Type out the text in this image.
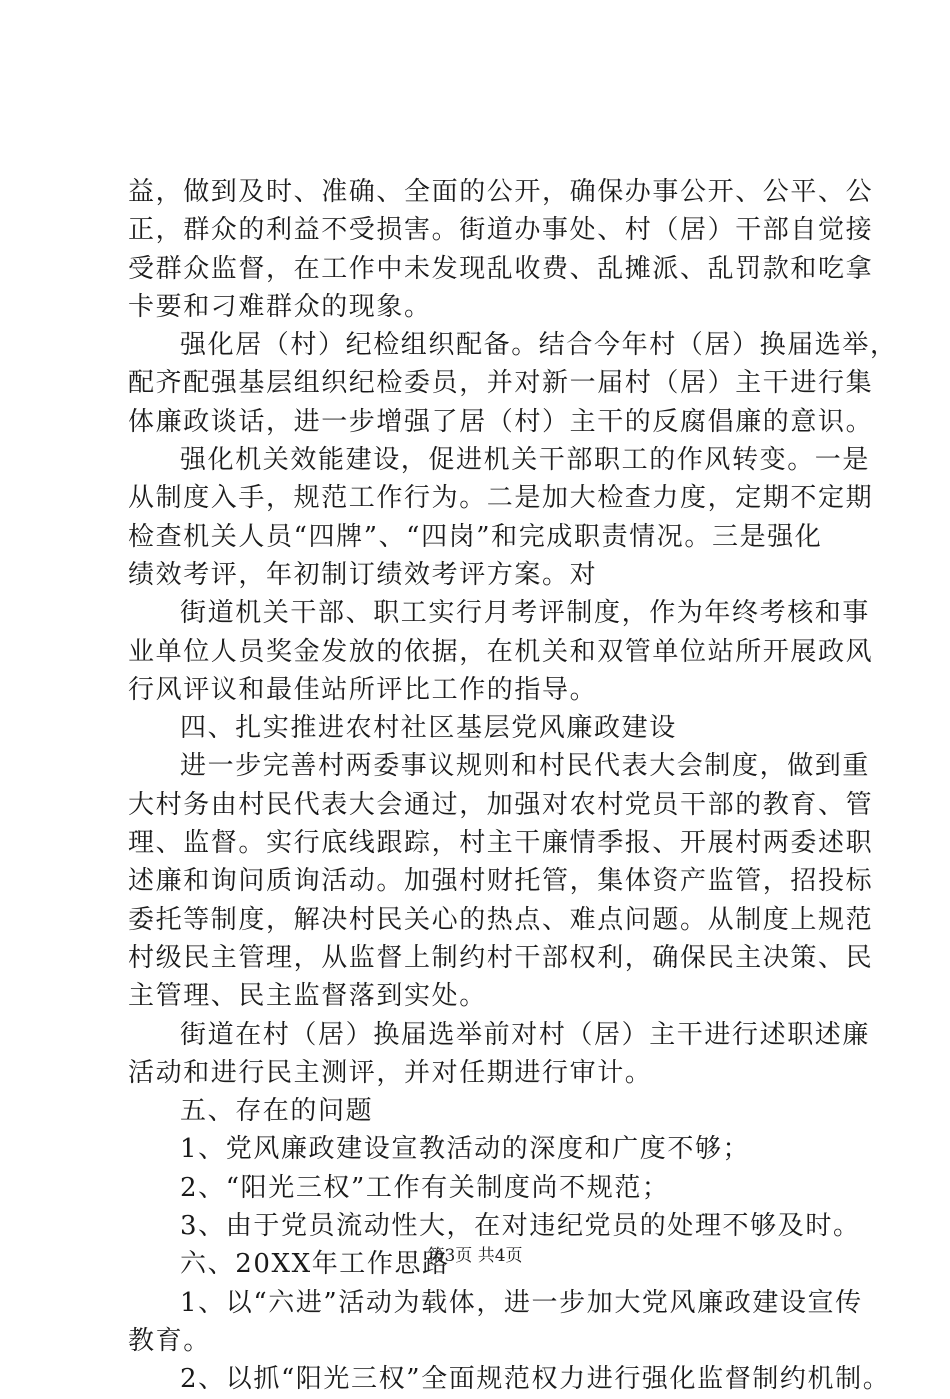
益，做到及时、准确、全面的公开，确保办事公开、公平、公
正，群众的利益不受损害。街道办事处、村（居）干部自觉接
受群众监督，在工作中未发现乱收费、乱摊派、乱罚款和吃拿
卡要和刁难群众的现象。
强化居（村）纪检组织配备。结合今年村（居）换届选举，
配齐配强基层组织纪检委员，并对新一届村（居）主干进行集
体廉政谈话，进一步增强了居（村）主干的反腐倡廉的意识。
强化机关效能建设，促进机关干部职工的作风转变。一是
从制度入手，规范工作行为。二是加大检查力度，定期不定期
检查机关人员“四牌”、“四岗”和完成职责情况。三是强化
绩效考评，年初制订绩效考评方案。对
街道机关干部、职工实行月考评制度，作为年终考核和事
业单位人员奖金发放的依据，在机关和双管单位站所开展政风
行风评议和最佳站所评比工作的指导。
四、扎实推进农村社区基层党风廉政建设
进一步完善村两委事议规则和村民代表大会制度，做到重
大村务由村民代表大会通过，加强对农村党员干部的教育、管
理、监督。实行底线跟踪，村主干廉情季报、开展村两委述职
述廉和询问质询活动。加强村财托管，集体资产监管，招投标
委托等制度，解决村民关心的热点、难点问题。从制度上规范
村级民主管理，从监督上制约村干部权利，确保民主决策、民
主管理、民主监督落到实处。
街道在村（居）换届选举前对村（居）主干进行述职述廉
活动和进行民主测评，并对任期进行审计。
五、存在的问题
1、党风廉政建设宣教活动的深度和广度不够；
2、“阳光三权”工作有关制度尚不规范；
3、由于党员流动性大，在对违纪党员的处理不够及时。
六、20XX年工作思路
1、以“六进”活动为载体，进一步加大党风廉政建设宣传
教育。
2、以抓“阳光三权”全面规范权力进行强化监督制约机制。
第3页 共4页
